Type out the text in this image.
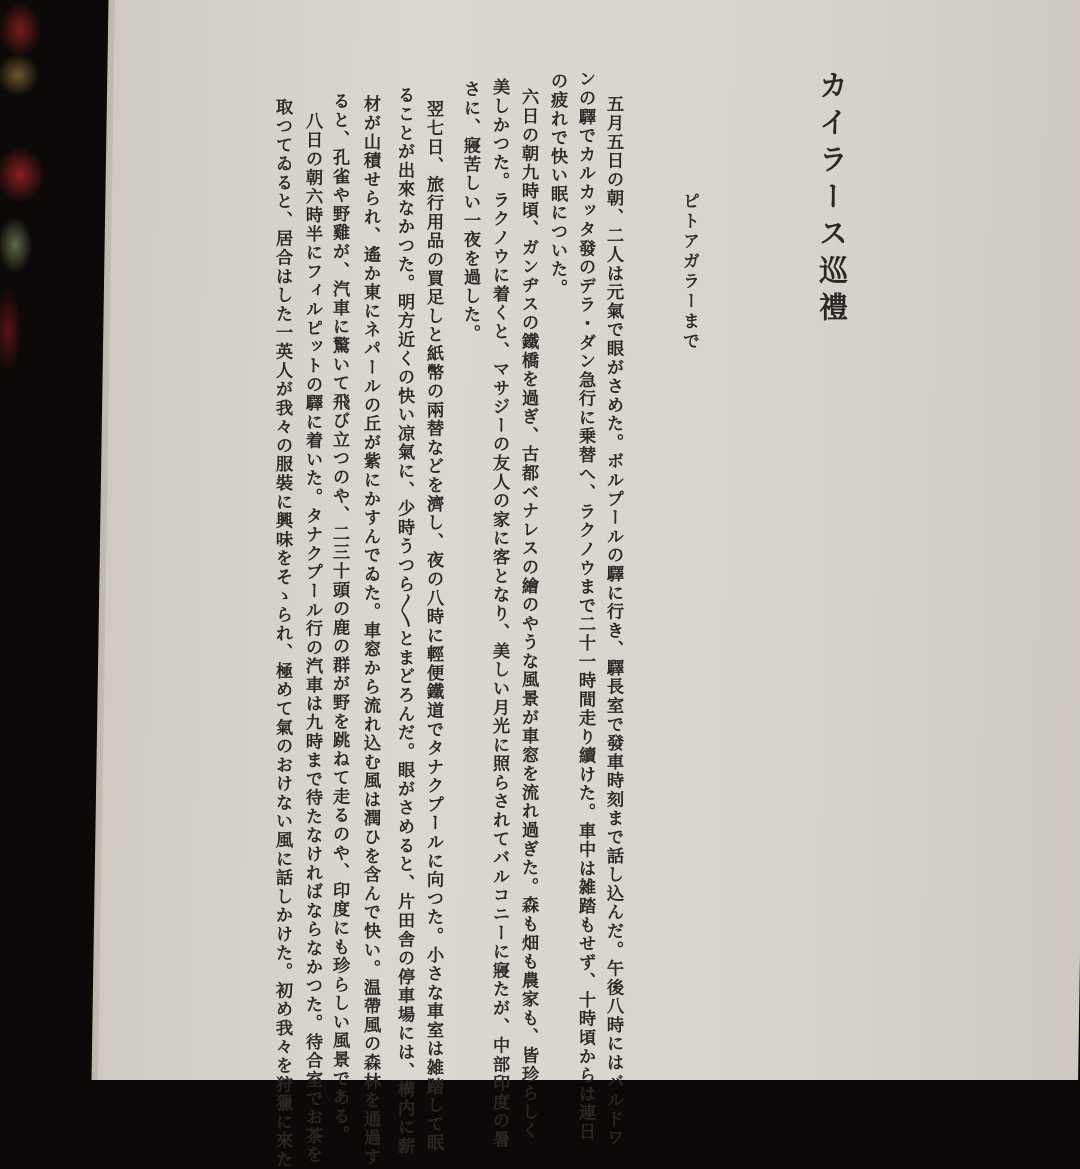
カイラース巡禮
ピトアガラーまで
五月五日の朝、二人は元氣で眼がさめた。ボルプールの驛に行き、驛長室で發車時刻まで話し込んだ。午後八時にはバルドワ
ンの驛でカルカッタ發のデラ・ダン急行に乗替へ、ラクノウまで二十一時間走り續けた。車中は雑踏もせず、十時頃からは連日
の疲れで快い眠についた。
六日の朝九時頃、ガンヂスの鐵橋を過ぎ、古都ベナレスの繪のやうな風景が車窓を流れ過ぎた。森も畑も農家も、皆珍らしく
美しかつた。ラクノウに着くと、マサジーの友人の家に客となり、美しい月光に照らされてバルコニーに寢たが、中部印度の暑
さに、寢苦しい一夜を過した。
翌七日、旅行用品の買足しと紙幣の兩替などを濟し、夜の八時に輕便鐵道でタナクプールに向つた。小さな車室は雑踏して眠
ることが出來なかつた。明方近くの快い凉氣に、少時うつら〳〵とまどろんだ。眼がさめると、片田舎の停車場には、構内に薪
材が山積せられ、遙か東にネパールの丘が紫にかすんでゐた。車窓から流れ込む風は潤ひを含んで快い。温帶風の森林を通過す
ると、孔雀や野雞が、汽車に驚いて飛び立つのや、二三十頭の鹿の群が野を跳ねて走るのや、印度にも珍らしい風景である。
八日の朝六時半にフィルピットの驛に着いた。タナクプール行の汽車は九時まで待たなければならなかつた。待合室でお茶を
取つてゐると、居合はした一英人が我々の服裝に興味をそゝられ、極めて氣のおけない風に話しかけた。初め我々を狩獵に來た
